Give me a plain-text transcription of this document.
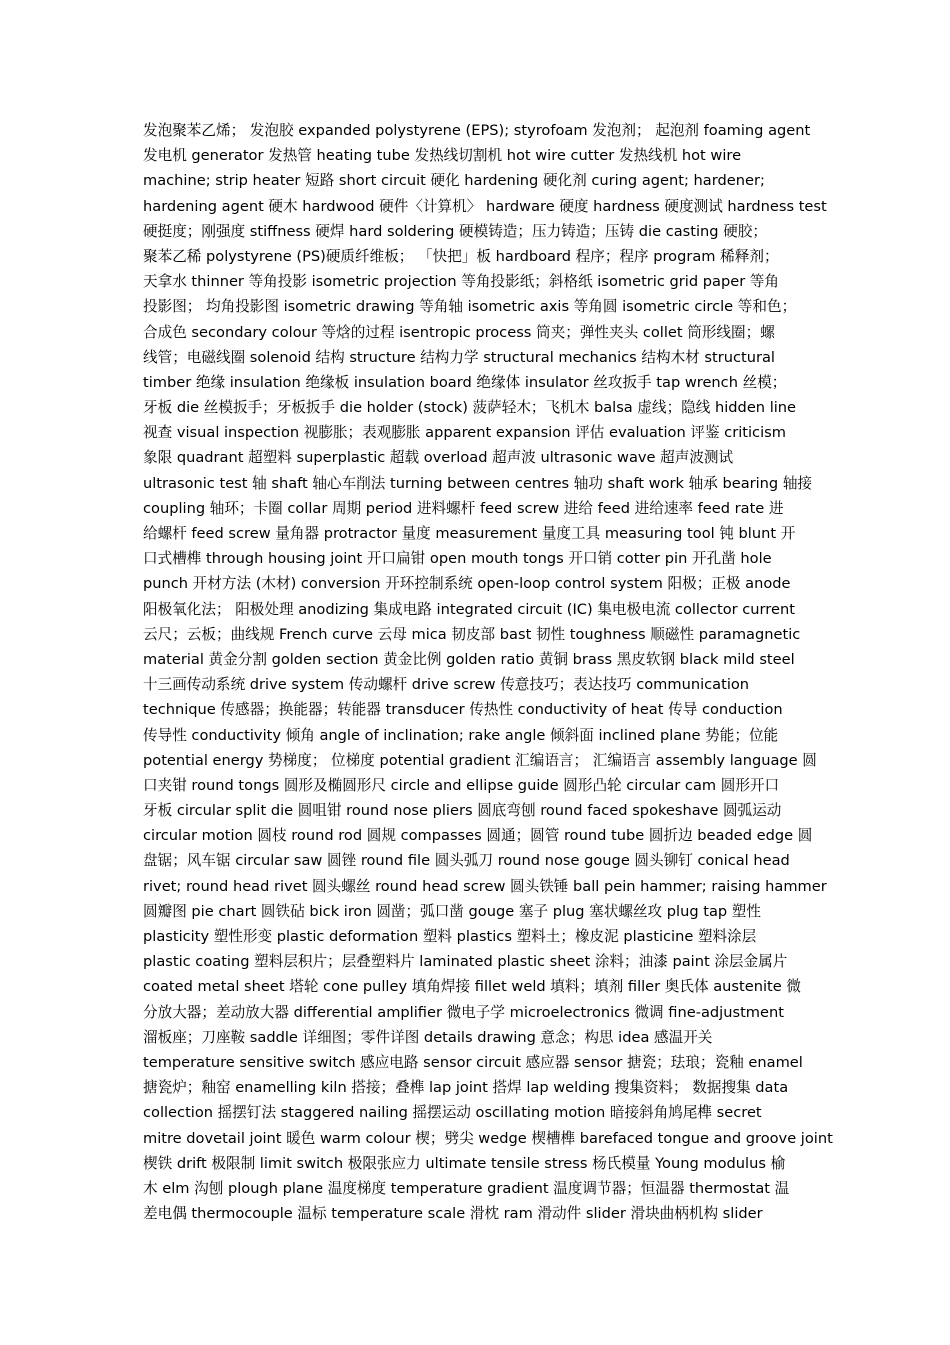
发泡聚苯乙烯； 发泡胶 expanded polystyrene (EPS); styrofoam 发泡剂； 起泡剂 foaming agent
发电机 generator 发热管 heating tube 发热线切割机 hot wire cutter 发热线机 hot wire
machine; strip heater 短路 short circuit 硬化 hardening 硬化剂 curing agent; hardener;
hardening agent 硬木 hardwood 硬件〈计算机〉 hardware 硬度 hardness 硬度测试 hardness test
硬挺度；刚强度 stiffness 硬焊 hard soldering 硬模铸造；压力铸造；压铸 die casting 硬胶；
聚苯乙稀 polystyrene (PS)硬质纤维板； 「快把」板 hardboard 程序；程序 program 稀释剂；
天拿水 thinner 等角投影 isometric projection 等角投影纸；斜格纸 isometric grid paper 等角
投影图； 均角投影图 isometric drawing 等角轴 isometric axis 等角圆 isometric circle 等和色；
合成色 secondary colour 等焓的过程 isentropic process 筒夹；弹性夹头 collet 筒形线圈；螺
线管；电磁线圈 solenoid 结构 structure 结构力学 structural mechanics 结构木材 structural
timber 绝缘 insulation 绝缘板 insulation board 绝缘体 insulator 丝攻扳手 tap wrench 丝模；
牙板 die 丝模扳手；牙板扳手 die holder (stock) 菠萨轻木；飞机木 balsa 虚线；隐线 hidden line
视查 visual inspection 视膨胀；表观膨胀 apparent expansion 评估 evaluation 评鉴 criticism
象限 quadrant 超塑料 superplastic 超载 overload 超声波 ultrasonic wave 超声波测试
ultrasonic test 轴 shaft 轴心车削法 turning between centres 轴功 shaft work 轴承 bearing 轴接
coupling 轴环；卡圈 collar 周期 period 进料螺杆 feed screw 进给 feed 进给速率 feed rate 进
给螺杆 feed screw 量角器 protractor 量度 measurement 量度工具 measuring tool 钝 blunt 开
口式槽榫 through housing joint 开口扁钳 open mouth tongs 开口销 cotter pin 开孔凿 hole
punch 开材方法 (木材) conversion 开环控制系统 open-loop control system 阳极；正极 anode
阳极氧化法； 阳极处理 anodizing 集成电路 integrated circuit (IC) 集电极电流 collector current
云尺；云板；曲线规 French curve 云母 mica 韧皮部 bast 韧性 toughness 顺磁性 paramagnetic
material 黄金分割 golden section 黄金比例 golden ratio 黄铜 brass 黑皮软钢 black mild steel
十三画传动系统 drive system 传动螺杆 drive screw 传意技巧；表达技巧 communication
technique 传感器；换能器；转能器 transducer 传热性 conductivity of heat 传导 conduction
传导性 conductivity 倾角 angle of inclination; rake angle 倾斜面 inclined plane 势能；位能
potential energy 势梯度； 位梯度 potential gradient 汇编语言； 汇编语言 assembly language 圆
口夹钳 round tongs 圆形及椭圆形尺 circle and ellipse guide 圆形凸轮 circular cam 圆形开口
牙板 circular split die 圆咀钳 round nose pliers 圆底弯刨 round faced spokeshave 圆弧运动
circular motion 圆枝 round rod 圆规 compasses 圆通；圆管 round tube 圆折边 beaded edge 圆
盘锯；风车锯 circular saw 圆锉 round file 圆头弧刀 round nose gouge 圆头铆钉 conical head
rivet; round head rivet 圆头螺丝 round head screw 圆头铁锤 ball pein hammer; raising hammer
圆瓣图 pie chart 圆铁砧 bick iron 圆凿；弧口凿 gouge 塞子 plug 塞状螺丝攻 plug tap 塑性
plasticity 塑性形变 plastic deformation 塑料 plastics 塑料土；橡皮泥 plasticine 塑料涂层
plastic coating 塑料层积片；层叠塑料片 laminated plastic sheet 涂料；油漆 paint 涂层金属片
coated metal sheet 塔轮 cone pulley 填角焊接 fillet weld 填料；填剂 filler 奥氏体 austenite 微
分放大器；差动放大器 differential amplifier 微电子学 microelectronics 微调 fine-adjustment
溜板座；刀座鞍 saddle 详细图；零件详图 details drawing 意念；构思 idea 感温开关
temperature sensitive switch 感应电路 sensor circuit 感应器 sensor 搪瓷；珐琅；瓷釉 enamel
搪瓷炉；釉窑 enamelling kiln 搭接；叠榫 lap joint 搭焊 lap welding 搜集资料； 数据搜集 data
collection 摇摆钉法 staggered nailing 摇摆运动 oscillating motion 暗接斜角鸠尾榫 secret
mitre dovetail joint 暖色 warm colour 楔；劈尖 wedge 楔槽榫 barefaced tongue and groove joint
楔铁 drift 极限制 limit switch 极限张应力 ultimate tensile stress 杨氏模量 Young modulus 榆
木 elm 沟刨 plough plane 温度梯度 temperature gradient 温度调节器；恒温器 thermostat 温
差电偶 thermocouple 温标 temperature scale 滑枕 ram 滑动件 slider 滑块曲柄机构 slider
